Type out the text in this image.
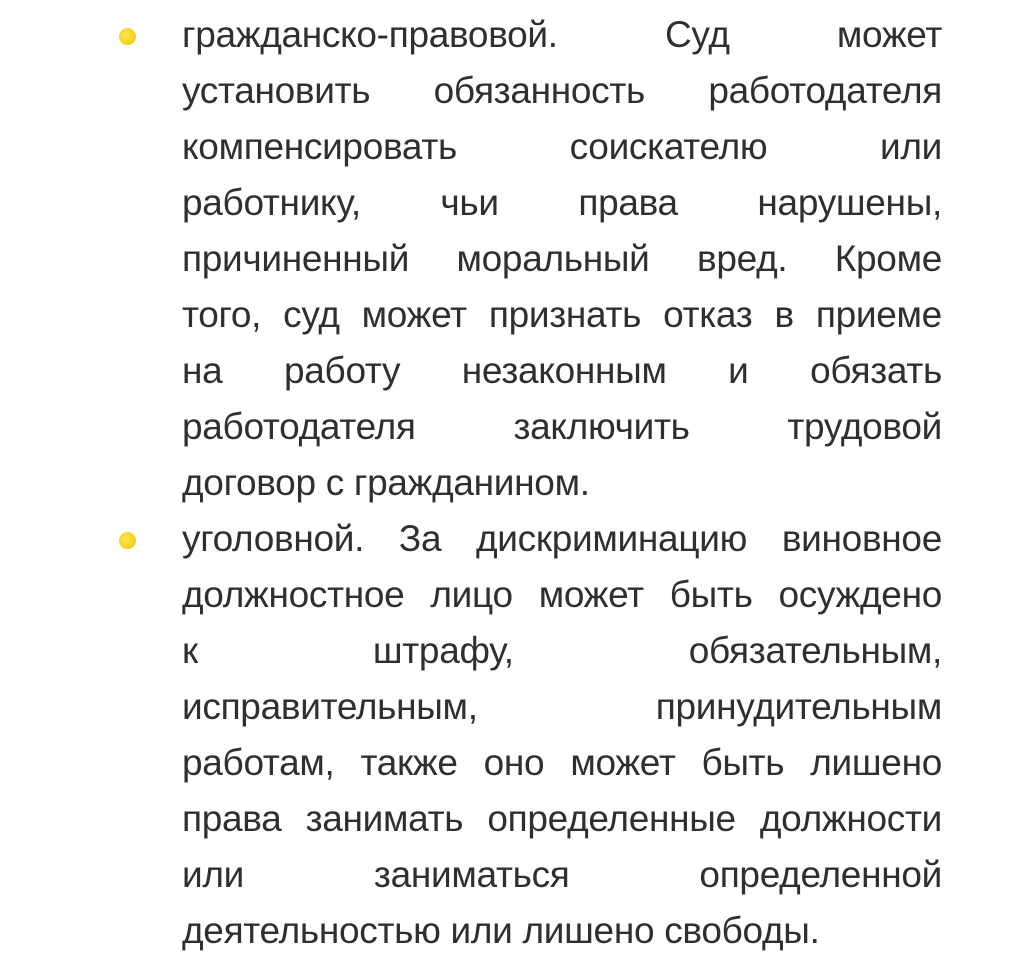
гражданско-правовой.	Суд	может
установить обязанность работодателя
компенсировать	соискателю	или
работнику, чьи права нарушены,
причиненный моральный вред. Кроме
того, суд может признать отказ в приеме
на работу незаконным и обязать
работодателя	заключить	трудовой
договор с гражданином.
уголовной. За дискриминацию виновное
должностное лицо может быть осуждено
к	штрафу,	обязательным,
исправительным,	принудительным
работам, также оно может быть лишено
права занимать определенные должности
или	заниматься	определенной
деятельностью или лишено свободы.
